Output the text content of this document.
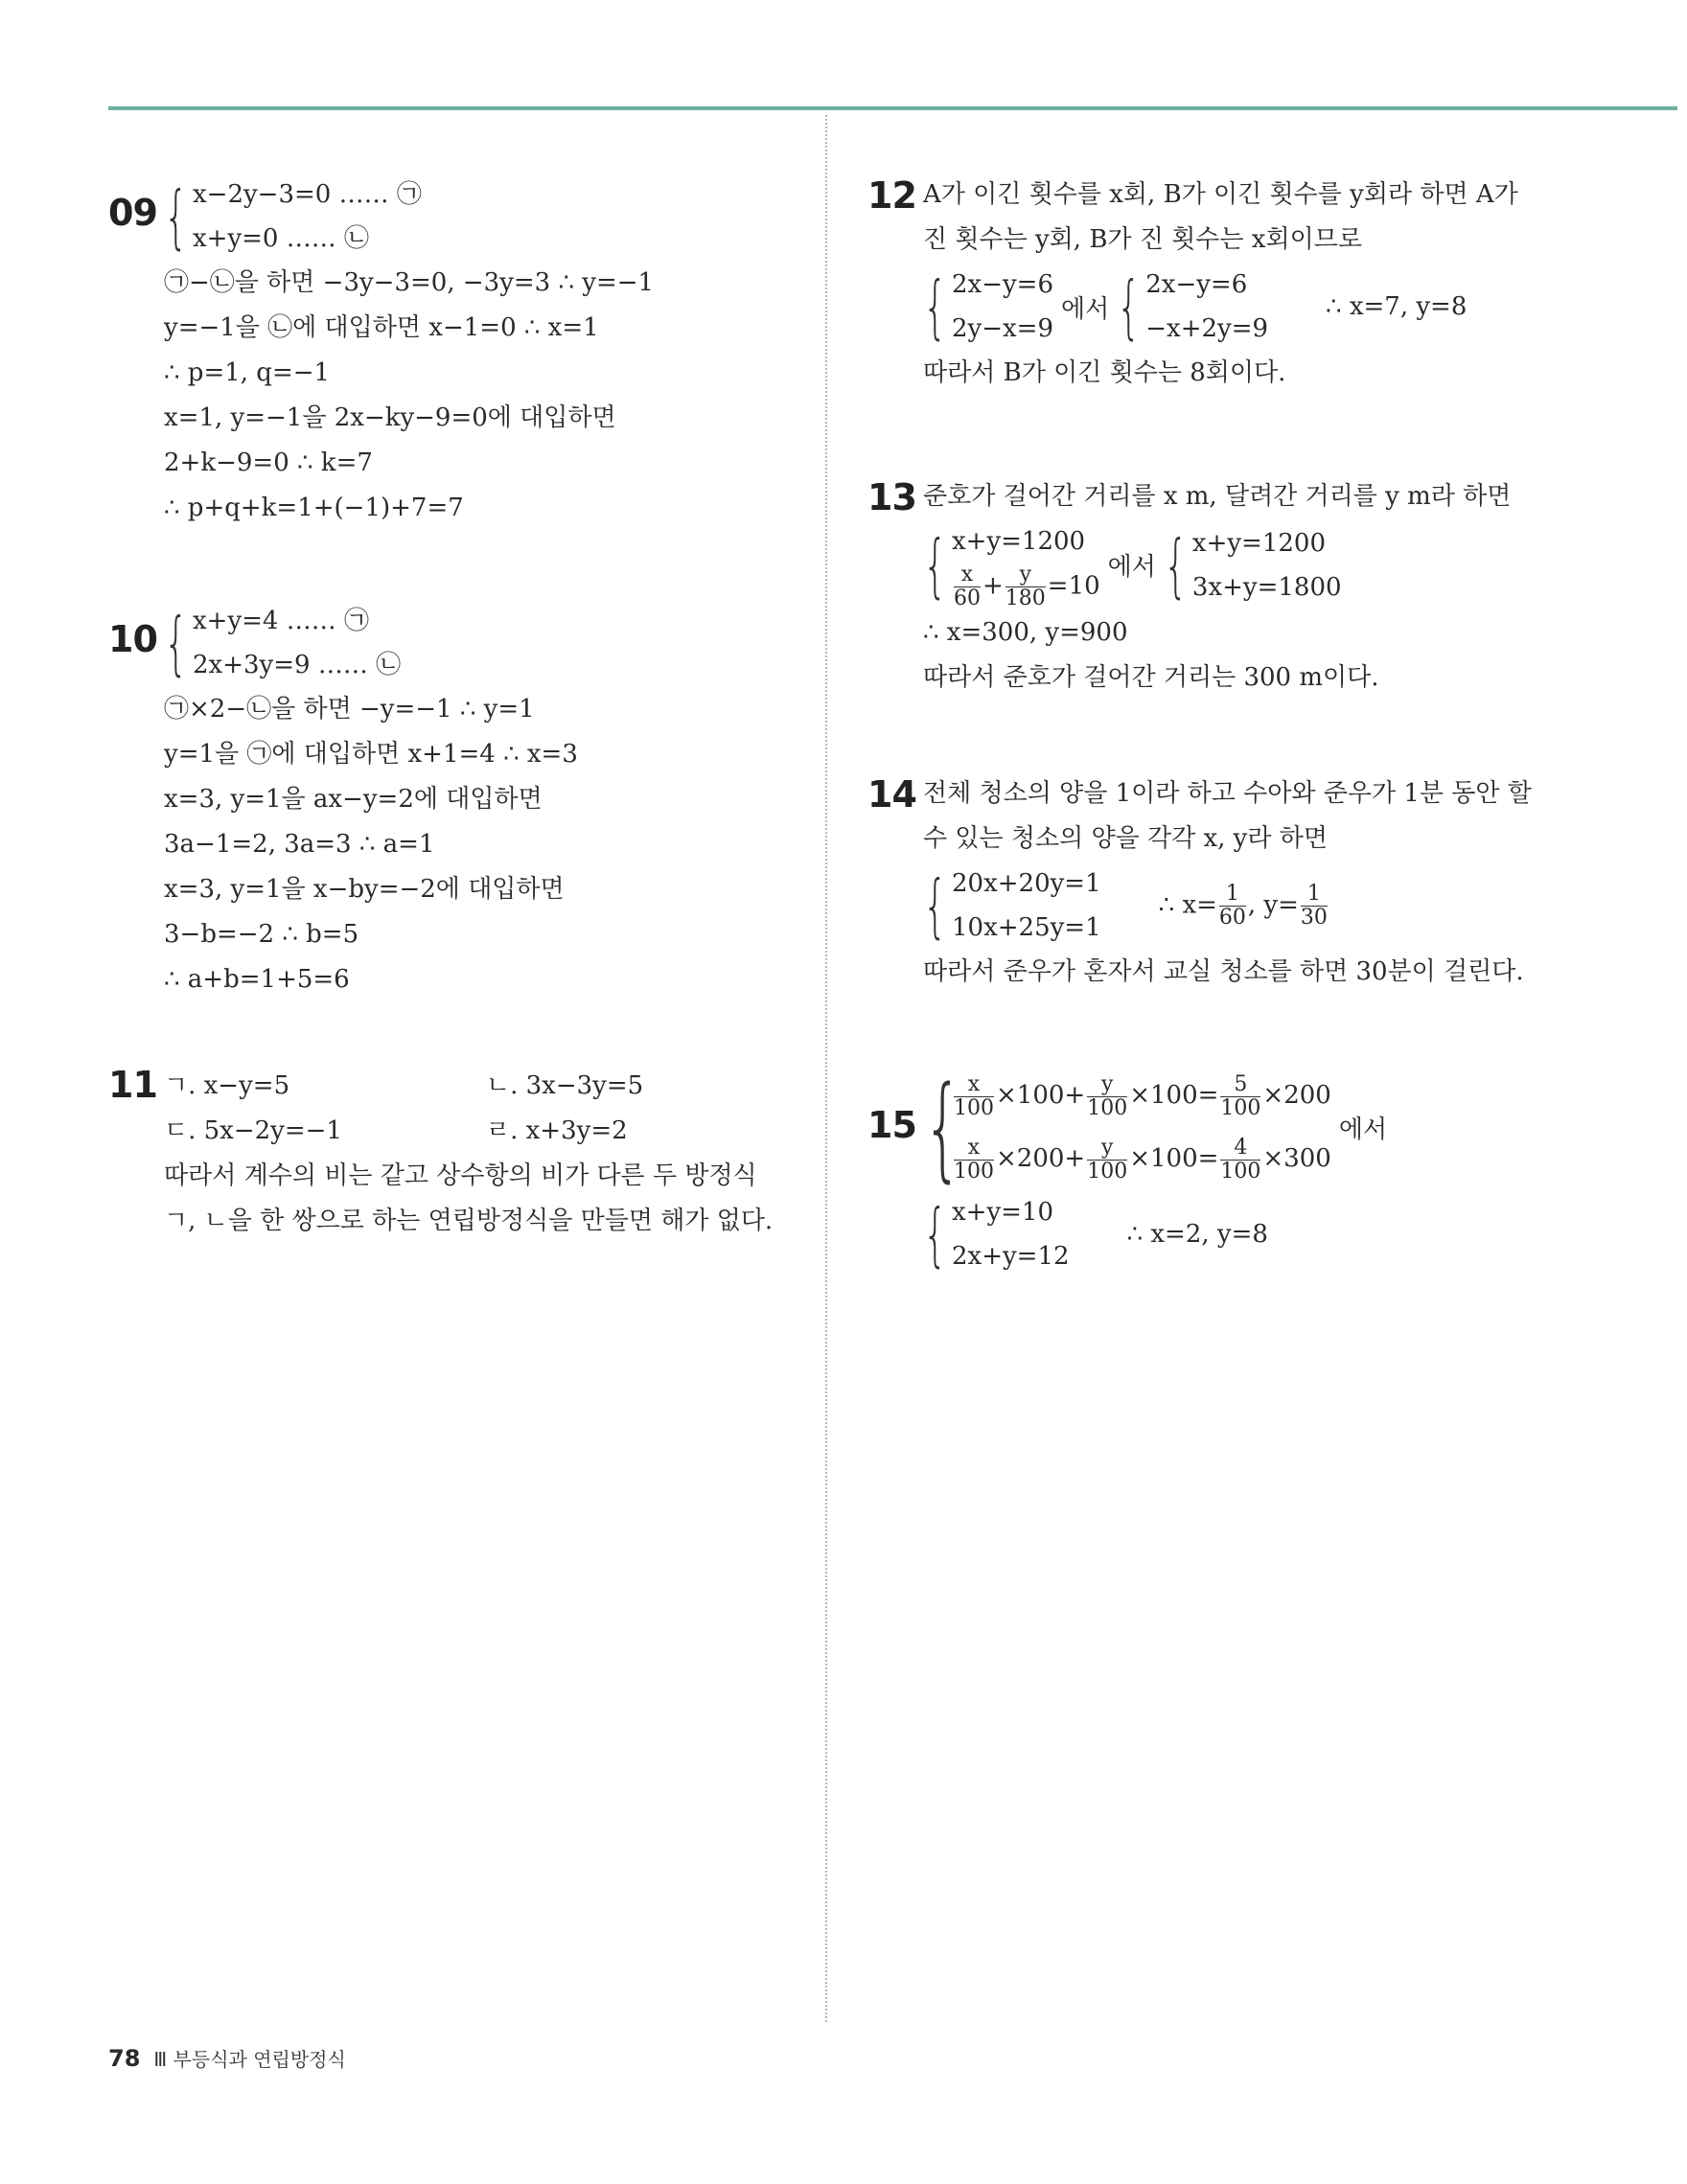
09 { x−2y−3=0 …… ㉠
x+y=0 …… ㉡
㉠−㉡을 하면 −3y−3=0, −3y=3 ∴ y=−1
y=−1을 ㉡에 대입하면 x−1=0 ∴ x=1
∴ p=1, q=−1
x=1, y=−1을 2x−ky−9=0에 대입하면
2+k−9=0 ∴ k=7
∴ p+q+k=1+(−1)+7=7
10 { x+y=4 …… ㉠
2x+3y=9 …… ㉡
㉠×2−㉡을 하면 −y=−1 ∴ y=1
y=1을 ㉠에 대입하면 x+1=4 ∴ x=3
x=3, y=1을 ax−y=2에 대입하면
3a−1=2, 3a=3 ∴ a=1
x=3, y=1을 x−by=−2에 대입하면
3−b=−2 ∴ b=5
∴ a+b=1+5=6
11 ㄱ. x−y=5	ㄴ. 3x−3y=5
ㄷ. 5x−2y=−1	ㄹ. x+3y=2
따라서 계수의 비는 같고 상수항의 비가 다른 두 방정식
ㄱ, ㄴ을 한 쌍으로 하는 연립방정식을 만들면 해가 없다.
12 A가 이긴 횟수를 x회, B가 이긴 횟수를 y회라 하면 A가
진 횟수는 y회, B가 진 횟수는 x회이므로
{ 2x−y=6
2y−x=9
에서 { 2x−y=6
−x+2y=9
∴ x=7, y=8
따라서 B가 이긴 횟수는 8회이다.
13 준호가 걸어간 거리를 x m, 달려간 거리를 y m라 하면
{ x+y=1200
$\frac{x}{60} + \frac{y}{180} =10$
에서 { x+y=1200
3x+y=1800
∴ x=300, y=900
따라서 준호가 걸어간 거리는 300 m이다.
14 전체 청소의 양을 1이라 하고 수아와 준우가 1분 동안 할
수 있는 청소의 양을 각각 x, y라 하면
{ 20x+20y=1
10x+25y=1
∴ $x= \frac{1}{60}$ , $y= \frac{1}{30}$
따라서 준우가 혼자서 교실 청소를 하면 30분이 걸린다.
15 {
$\frac{x}{100} \times 100+ \frac{y}{100} \times 100= \frac{5}{100} \times 200$
$\frac{x}{100} \times 200+ \frac{y}{100} \times 100= \frac{4}{100} \times 300$
에서
{ x+y=10
2x+y=12
∴ x=2, y=8
78 Ⅲ 부등식과 연립방정식
